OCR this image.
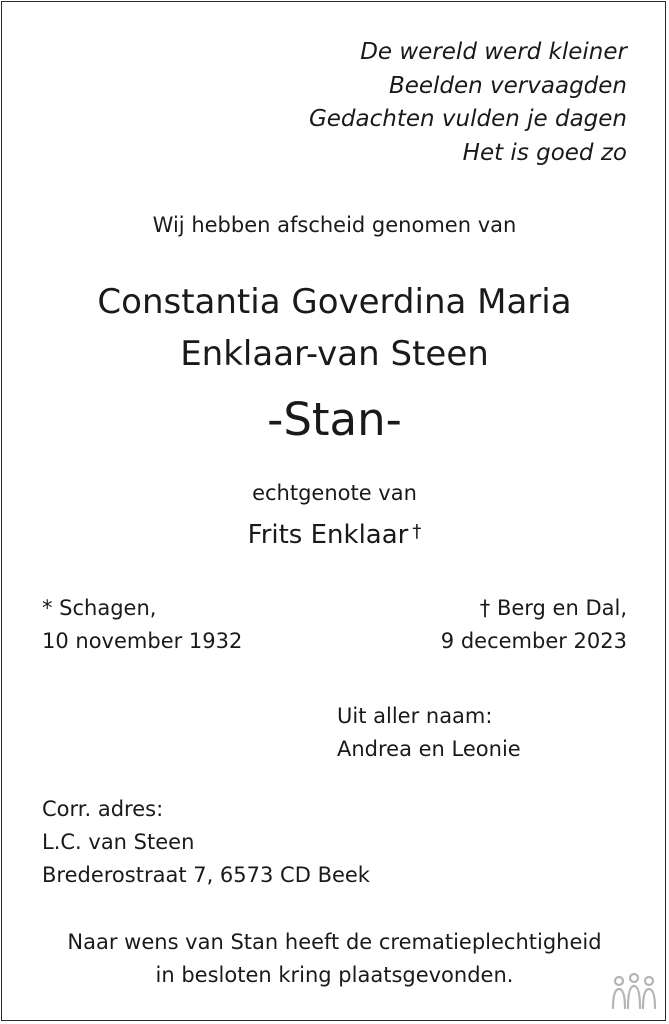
De wereld werd kleiner
Beelden vervaagden
Gedachten vulden je dagen
Het is goed zo
Wij hebben afscheid genomen van
Constantia Goverdina Maria
Enklaar-van Steen
-Stan-
echtgenote van
Frits Enklaar †
* Schagen,
10 november 1932
† Berg en Dal,
9 december 2023
Uit aller naam:
Andrea en Leonie
Corr. adres:
L.C. van Steen
Brederostraat 7, 6573 CD Beek
Naar wens van Stan heeft de crematieplechtigheid
in besloten kring plaatsgevonden.
